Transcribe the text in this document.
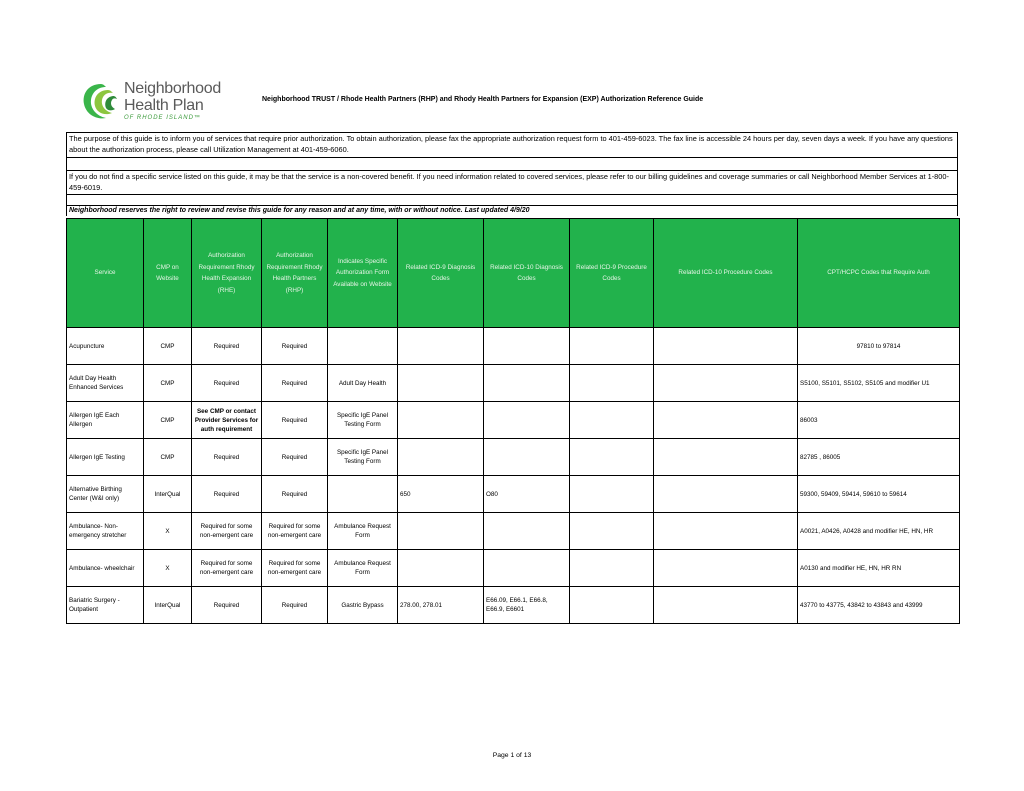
Neighborhood
Health Plan
OF RHODE ISLAND™
Neighborhood TRUST / Rhode Health Partners (RHP) and Rhody Health Partners for Expansion (EXP) Authorization Reference Guide
The purpose of this guide is to inform you of services that require prior authorization. To obtain authorization, please fax the appropriate authorization request form to 401-459-6023. The fax line is accessible 24 hours per day, seven days a week. If you have any questions about the authorization process, please call Utilization Management at 401-459-6060.
If you do not find a specific service listed on this guide, it may be that the service is a non-covered benefit. If you need information related to covered services, please refer to our billing guidelines and coverage summaries or call Neighborhood Member Services at 1-800-459-6019.
Neighborhood reserves the right to review and revise this guide for any reason and at any time, with or without notice. Last updated 4/9/20
Service	CMP on Website	Authorization Requirement Rhody Health Expansion (RHE)	Authorization Requirement Rhody Health Partners (RHP)	Indicates Specific Authorization Form Available on Website	Related ICD-9 Diagnosis Codes	Related ICD-10 Diagnosis Codes	Related ICD-9 Procedure Codes	Related ICD-10 Procedure Codes	CPT/HCPC Codes that Require Auth
Acupuncture	CMP	Required	Required						97810 to 97814
Adult Day Health Enhanced Services	CMP	Required	Required	Adult Day Health					S5100, S5101, S5102, S5105 and modifier U1
Allergen IgE Each Allergen	CMP	See CMP or contact Provider Services for auth requirement	Required	Specific IgE Panel Testing Form					86003
Allergen IgE Testing	CMP	Required	Required	Specific IgE Panel Testing Form					82785 , 86005
Alternative Birthing Center (W&I only)	InterQual	Required	Required		650	O80			59300, 59409, 59414, 59610 to 59614
Ambulance- Non-emergency stretcher	X	Required for some non-emergent care	Required for some non-emergent care	Ambulance Request Form					A0021, A0426, A0428 and modifier HE, HN, HR
Ambulance- wheelchair	X	Required for some non-emergent care	Required for some non-emergent care	Ambulance Request Form					A0130 and modifier HE, HN, HR RN
Bariatric Surgery - Outpatient	InterQual	Required	Required	Gastric Bypass	278.00, 278.01	E66.09, E66.1, E66.8, E66.9, E6601			43770 to 43775, 43842 to 43843 and 43999
Page 1 of 13
